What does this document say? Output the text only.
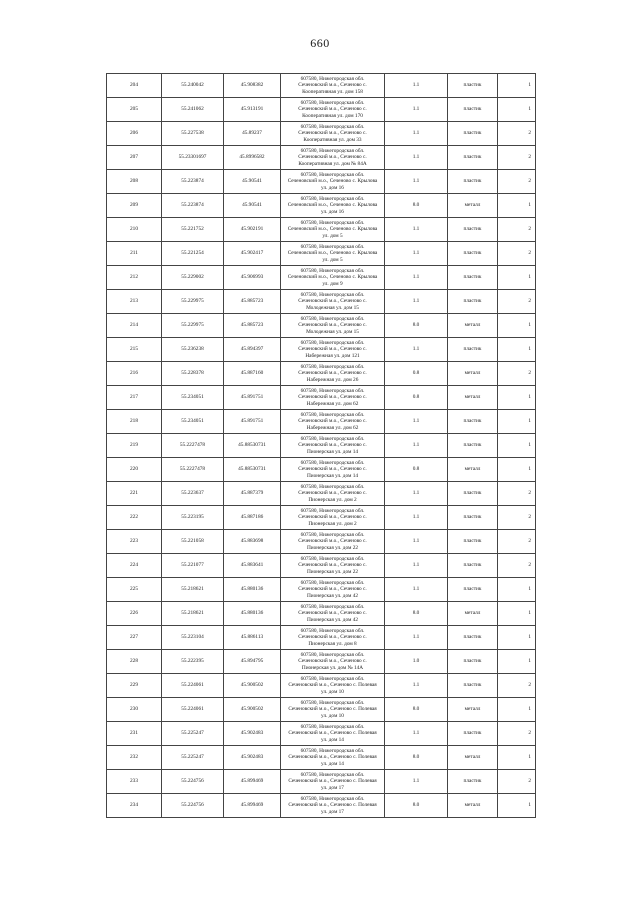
660
204	55.240042	45.908382	607580, Нижегородская обл.
Сеченовский м.о., Сеченово с.
Кооперативная ул. дом 158	1.1	пластик	1
205	55.241062	45.913191	607580, Нижегородская обл.
Сеченовский м.о., Сеченово с.
Кооперативная ул. дом 170	1.1	пластик	1
206	55.227538	45.89237	607580, Нижегородская обл.
Сеченовский м.о., Сеченово с.
Кооперативная ул. дом 33	1.1	пластик	2
207	55.23301697	45.8996582	607580, Нижегородская обл.
Сеченовский м.о., Сеченово с.
Кооперативная ул. дом № 84А	1.1	пластик	2
208	55.223874	45.90541	607580, Нижегородская обл.
Сеченовский м.о., Сеченово с. Крылова
ул. дом 16	1.1	пластик	2
209	55.223874	45.90541	607580, Нижегородская обл.
Сеченовский м.о., Сеченово с. Крылова
ул. дом 16	8.0	металл	1
210	55.221752	45.902191	607580, Нижегородская обл.
Сеченовский м.о., Сеченово с. Крылова
ул. дом 5	1.1	пластик	2
211	55.221254	45.902417	607580, Нижегородская обл.
Сеченовский м.о., Сеченово с. Крылова
ул. дом 5	1.1	пластик	2
212	55.229002	45.906993	607580, Нижегородская обл.
Сеченовский м.о., Сеченово с. Крылова
ул. дом 9	1.1	пластик	1
213	55.229975	45.885723	607580, Нижегородская обл.
Сеченовский м.о., Сеченово с.
Молодежная ул. дом 15	1.1	пластик	2
214	55.229975	45.885723	607580, Нижегородская обл.
Сеченовский м.о., Сеченово с.
Молодежная ул. дом 15	8.0	металл	1
215	55.236238	45.894397	607580, Нижегородская обл.
Сеченовский м.о., Сеченово с.
Набережная ул. дом 121	1.1	пластик	1
216	55.228378	45.887160	607580, Нижегородская обл.
Сеченовский м.о., Сеченово с.
Набережная ул. дом 26	0.8	металл	2
217	55.234051	45.891751	607580, Нижегородская обл.
Сеченовский м.о., Сеченово с.
Набережная ул. дом 62	0.8	металл	1
218	55.234051	45.891751	607580, Нижегородская обл.
Сеченовский м.о., Сеченово с.
Набережная ул. дом 62	1.1	пластик	1
219	55.2227478	45.88530731	607580, Нижегородская обл.
Сеченовский м.о., Сеченово с.
Пионерская ул. дом 14	1.1	пластик	1
220	55.2227478	45.88530731	607580, Нижегородская обл.
Сеченовский м.о., Сеченово с.
Пионерская ул. дом 14	0.8	металл	1
221	55.223637	45.887379	607580, Нижегородская обл.
Сеченовский м.о., Сеченово с.
Пионерская ул. дом 2	1.1	пластик	2
222	55.223195	45.887186	607580, Нижегородская обл.
Сеченовский м.о., Сеченово с.
Пионерская ул. дом 2	1.1	пластик	2
223	55.221058	45.883698	607580, Нижегородская обл.
Сеченовский м.о., Сеченово с.
Пионерская ул. дом 22	1.1	пластик	2
224	55.221077	45.883641	607580, Нижегородская обл.
Сеченовский м.о., Сеченово с.
Пионерская ул. дом 22	1.1	пластик	2
225	55.218621	45.880136	607580, Нижегородская обл.
Сеченовский м.о., Сеченово с.
Пионерская ул. дом 42	1.1	пластик	1
226	55.218621	45.880136	607580, Нижегородская обл.
Сеченовский м.о., Сеченово с.
Пионерская ул. дом 42	8.0	металл	1
227	55.223104	45.886113	607580, Нижегородская обл.
Сеченовский м.о., Сеченово с.
Пионерская ул. дом 8	1.1	пластик	1
228	55.222395	45.894795	607580, Нижегородская обл.
Сеченовский м.о., Сеченово с.
Пионерская ул. дом № 14А	1.0	пластик	1
229	55.224061	45.900502	607580, Нижегородская обл.
Сеченовский м.о., Сеченово с. Полевая
ул. дом 10	1.1	пластик	2
230	55.224061	45.900502	607580, Нижегородская обл.
Сеченовский м.о., Сеченово с. Полевая
ул. дом 10	8.0	металл	1
231	55.225247	45.902483	607580, Нижегородская обл.
Сеченовский м.о., Сеченово с. Полевая
ул. дом 14	1.1	пластик	2
232	55.225247	45.902483	607580, Нижегородская обл.
Сеченовский м.о., Сеченово с. Полевая
ул. дом 14	8.0	металл	1
233	55.224756	45.899469	607580, Нижегородская обл.
Сеченовский м.о., Сеченово с. Полевая
ул. дом 17	1.1	пластик	2
234	55.224756	45.899469	607580, Нижегородская обл.
Сеченовский м.о., Сеченово с. Полевая
ул. дом 17	8.0	металл	1
